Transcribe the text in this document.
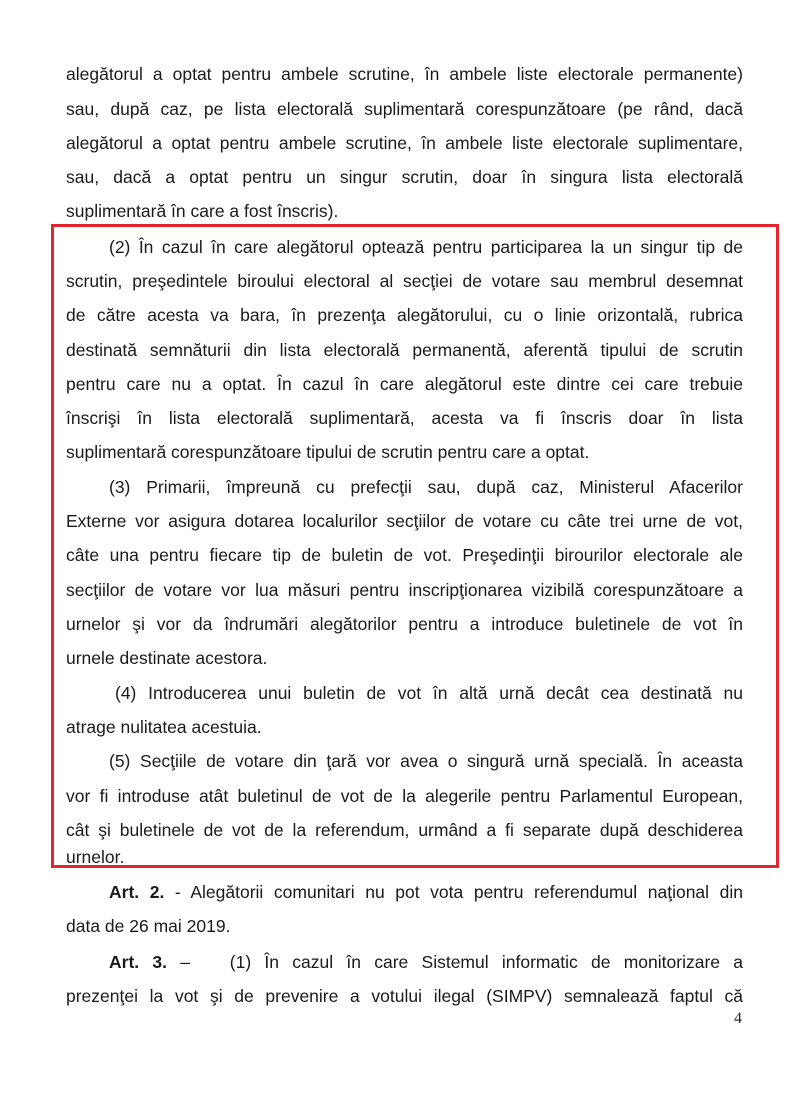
alegătorul a optat pentru ambele scrutine, în ambele liste electorale permanente)
sau, după caz, pe lista electorală suplimentară corespunzătoare (pe rând, dacă
alegătorul a optat pentru ambele scrutine, în ambele liste electorale suplimentare,
sau, dacă a optat pentru un singur scrutin, doar în singura lista electorală
suplimentară în care a fost înscris).
(2) În cazul în care alegătorul optează pentru participarea la un singur tip de
scrutin, preşedintele biroului electoral al secţiei de votare sau membrul desemnat
de către acesta va bara, în prezenţa alegătorului, cu o linie orizontală, rubrica
destinată semnăturii din lista electorală permanentă, aferentă tipului de scrutin
pentru care nu a optat. În cazul în care alegătorul este dintre cei care trebuie
înscrişi în lista electorală suplimentară, acesta va fi înscris doar în lista
suplimentară corespunzătoare tipului de scrutin pentru care a optat.
(3) Primarii, împreună cu prefecţii sau, după caz, Ministerul Afacerilor
Externe vor asigura dotarea localurilor secţiilor de votare cu câte trei urne de vot,
câte una pentru fiecare tip de buletin de vot. Preşedinţii birourilor electorale ale
secţiilor de votare vor lua măsuri pentru inscripţionarea vizibilă corespunzătoare a
urnelor şi vor da îndrumări alegătorilor pentru a introduce buletinele de vot în
urnele destinate acestora.
(4) Introducerea unui buletin de vot în altă urnă decât cea destinată nu
atrage nulitatea acestuia.
(5) Secţiile de votare din ţară vor avea o singură urnă specială. În aceasta
vor fi introduse atât buletinul de vot de la alegerile pentru Parlamentul European,
cât şi buletinele de vot de la referendum, urmând a fi separate după deschiderea
urnelor.
Art. 2. - Alegătorii comunitari nu pot vota pentru referendumul naţional din
data de 26 mai 2019.
Art. 3. –   (1) În cazul în care Sistemul informatic de monitorizare a
prezenţei la vot şi de prevenire a votului ilegal (SIMPV) semnalează faptul că
4
